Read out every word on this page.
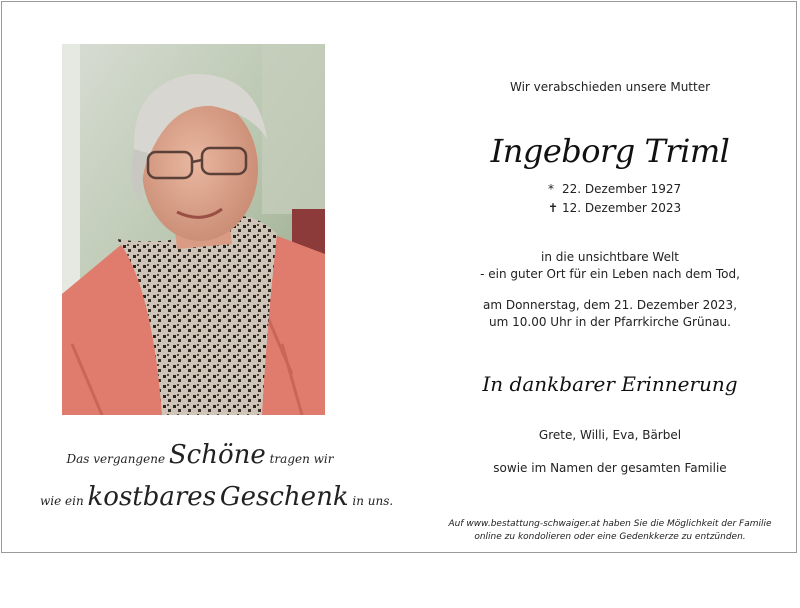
Das vergangene Schöne tragen wir
wie ein kostbares Geschenk in uns.
Wir verabschieden unsere Mutter
Ingeborg Triml
* 22. Dezember 1927
✝ 12. Dezember 2023
in die unsichtbare Welt
- ein guter Ort für ein Leben nach dem Tod,
am Donnerstag, dem 21. Dezember 2023,
um 10.00 Uhr in der Pfarrkirche Grünau.
In dankbarer Erinnerung
Grete, Willi, Eva, Bärbel
sowie im Namen der gesamten Familie
Auf www.bestattung-schwaiger.at haben Sie die Möglichkeit der Familie
online zu kondolieren oder eine Gedenkkerze zu entzünden.
